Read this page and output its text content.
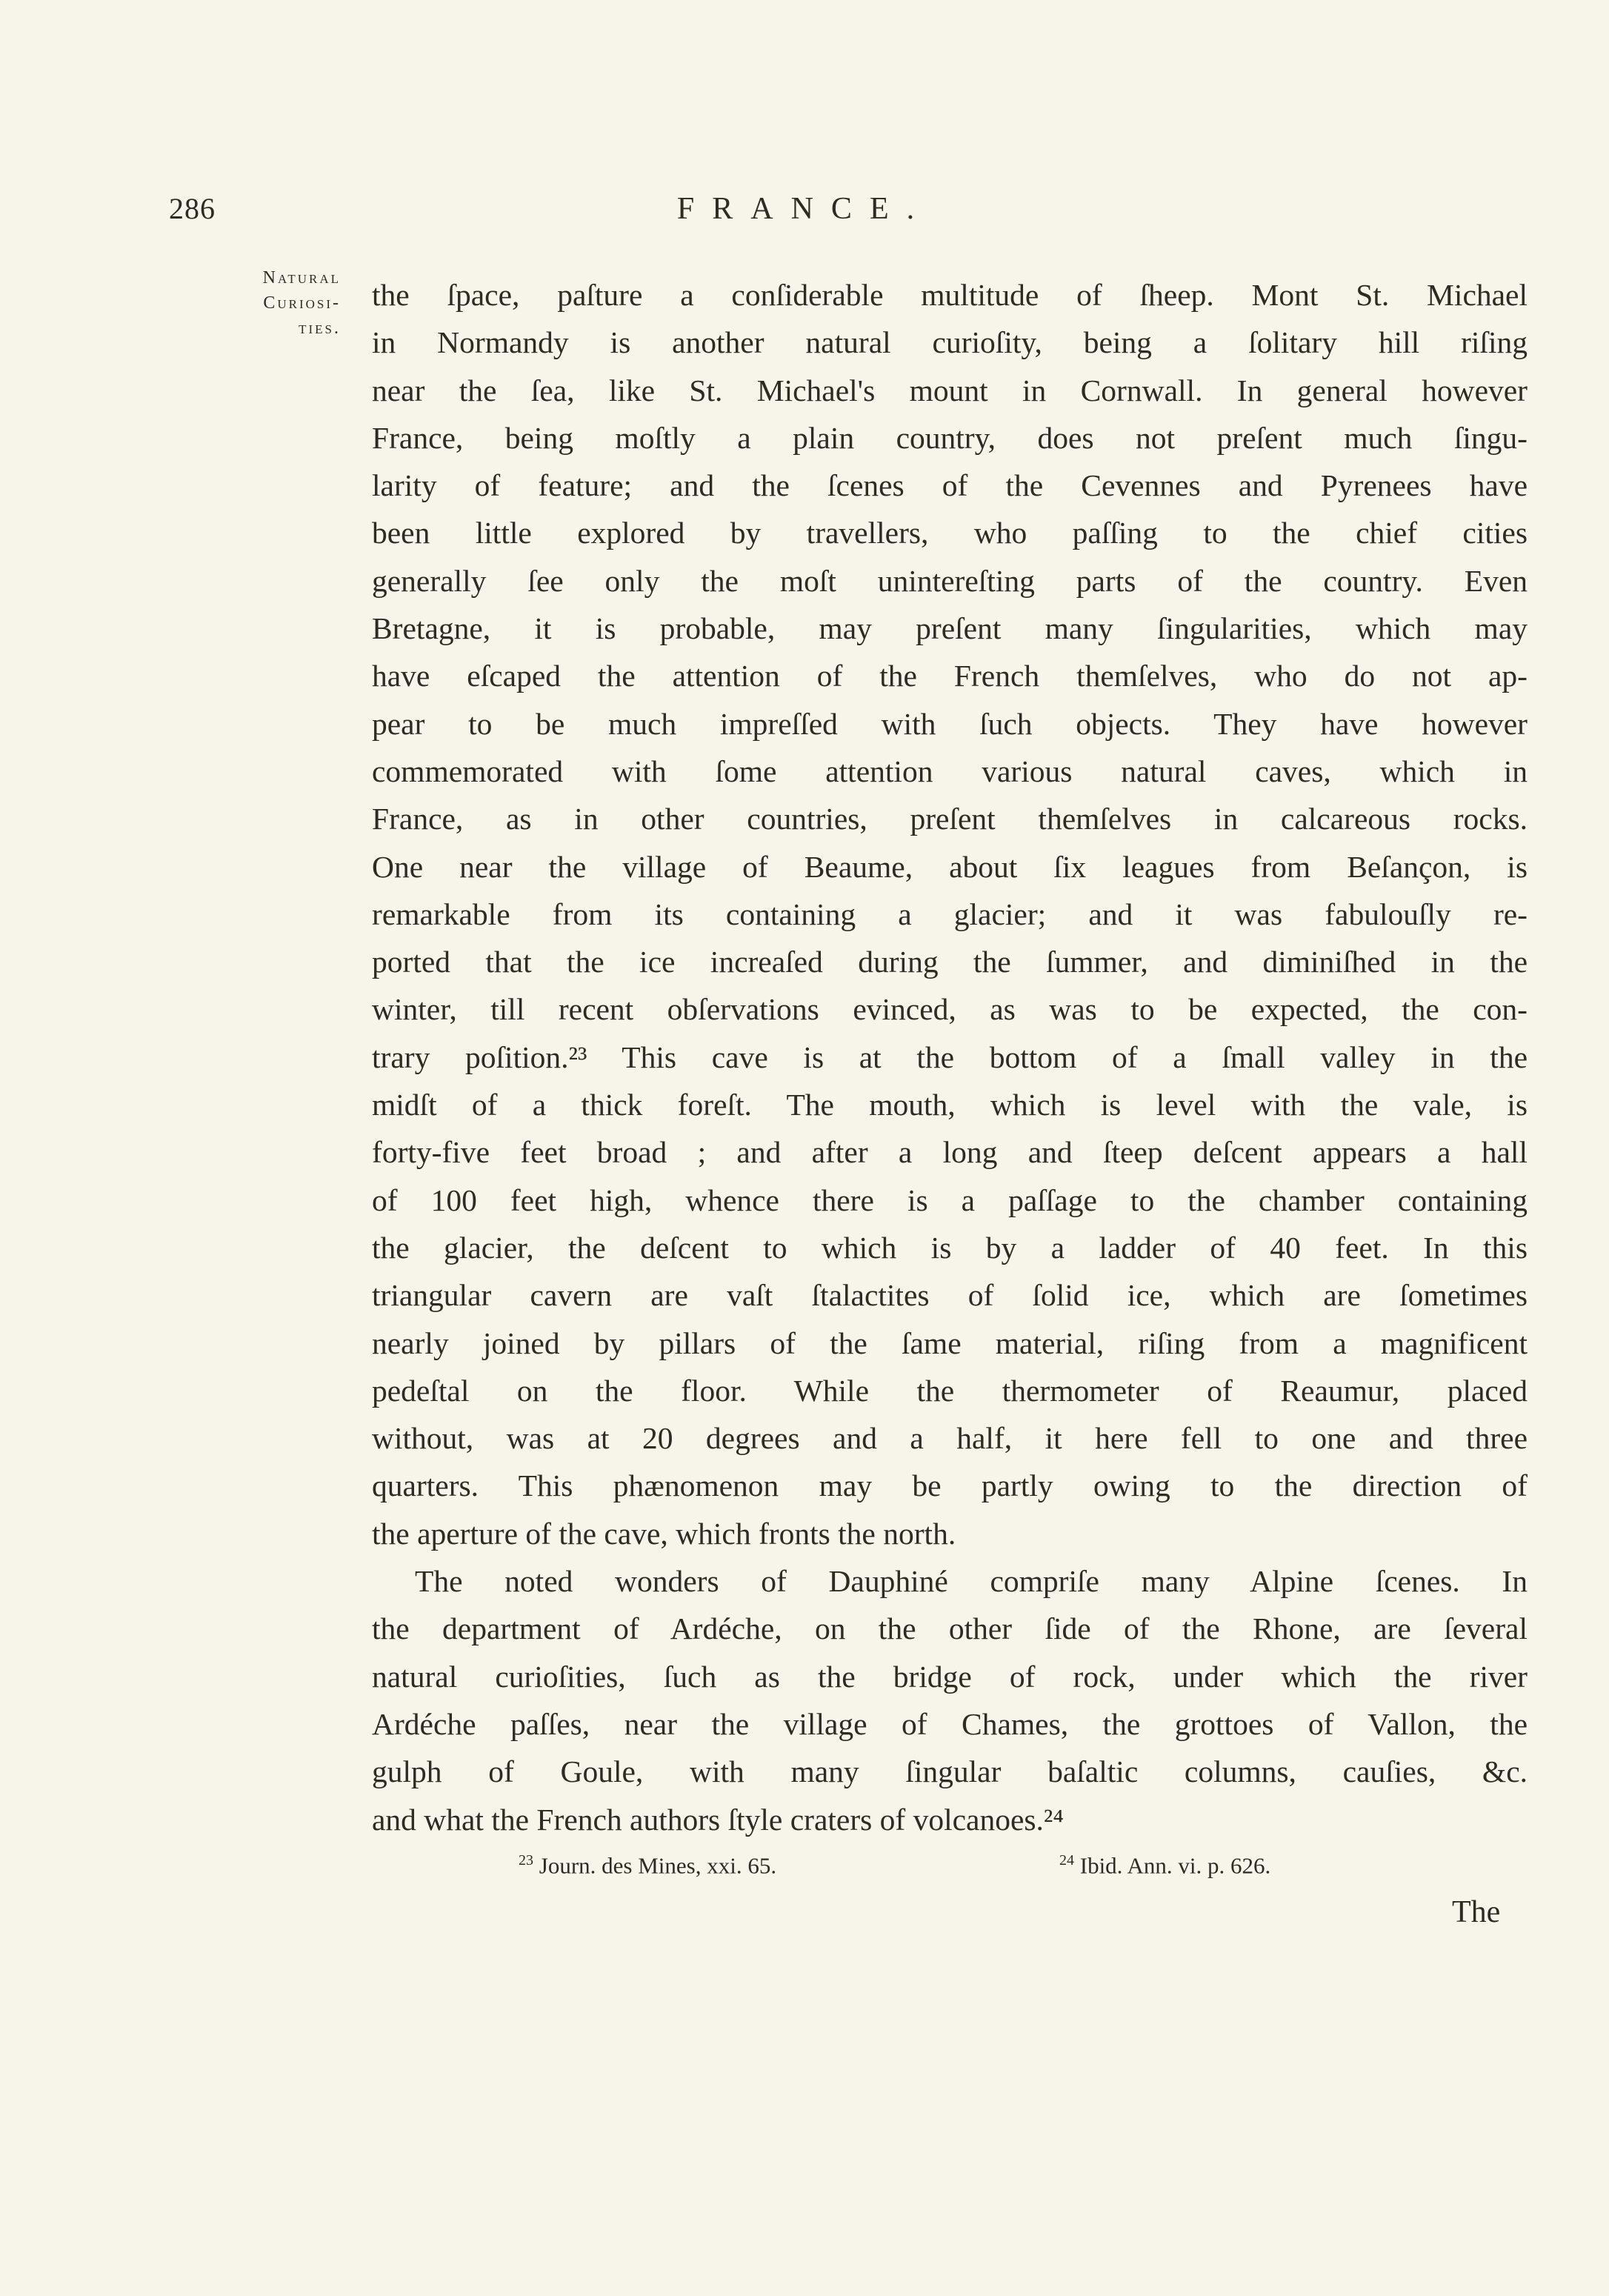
286	FRANCE.
Natural
Curiosi-
ties.
the ſpace, paſture a conſiderable multitude of ſheep. Mont St. Michael
in Normandy is another natural curioſity, being a ſolitary hill riſing
near the ſea, like St. Michael's mount in Cornwall. In general however
France, being moſtly a plain country, does not preſent much ſingu-
larity of feature; and the ſcenes of the Cevennes and Pyrenees have
been little explored by travellers, who paſſing to the chief cities
generally ſee only the moſt unintereſting parts of the country. Even
Bretagne, it is probable, may preſent many ſingularities, which may
have eſcaped the attention of the French themſelves, who do not ap-
pear to be much impreſſed with ſuch objects. They have however
commemorated with ſome attention various natural caves, which in
France, as in other countries, preſent themſelves in calcareous rocks.
One near the village of Beaume, about ſix leagues from Beſançon, is
remarkable from its containing a glacier; and it was fabulouſly re-
ported that the ice increaſed during the ſummer, and diminiſhed in the
winter, till recent obſervations evinced, as was to be expected, the con-
trary poſition.²³ This cave is at the bottom of a ſmall valley in the
midſt of a thick foreſt. The mouth, which is level with the vale, is
forty-five feet broad ; and after a long and ſteep deſcent appears a hall
of 100 feet high, whence there is a paſſage to the chamber containing
the glacier, the deſcent to which is by a ladder of 40 feet. In this
triangular cavern are vaſt ſtalactites of ſolid ice, which are ſometimes
nearly joined by pillars of the ſame material, riſing from a magnificent
pedeſtal on the floor. While the thermometer of Reaumur, placed
without, was at 20 degrees and a half, it here fell to one and three
quarters. This phænomenon may be partly owing to the direction of
the aperture of the cave, which fronts the north.
The noted wonders of Dauphiné compriſe many Alpine ſcenes. In
the department of Ardéche, on the other ſide of the Rhone, are ſeveral
natural curioſities, ſuch as the bridge of rock, under which the river
Ardéche paſſes, near the village of Chames, the grottoes of Vallon, the
gulph of Goule, with many ſingular baſaltic columns, cauſies, &c.
and what the French authors ſtyle craters of volcanoes.²⁴
$^{23}$ Journ. des Mines, xxi. 65.	$^{24}$ Ibid. Ann. vi. p. 626.
The
